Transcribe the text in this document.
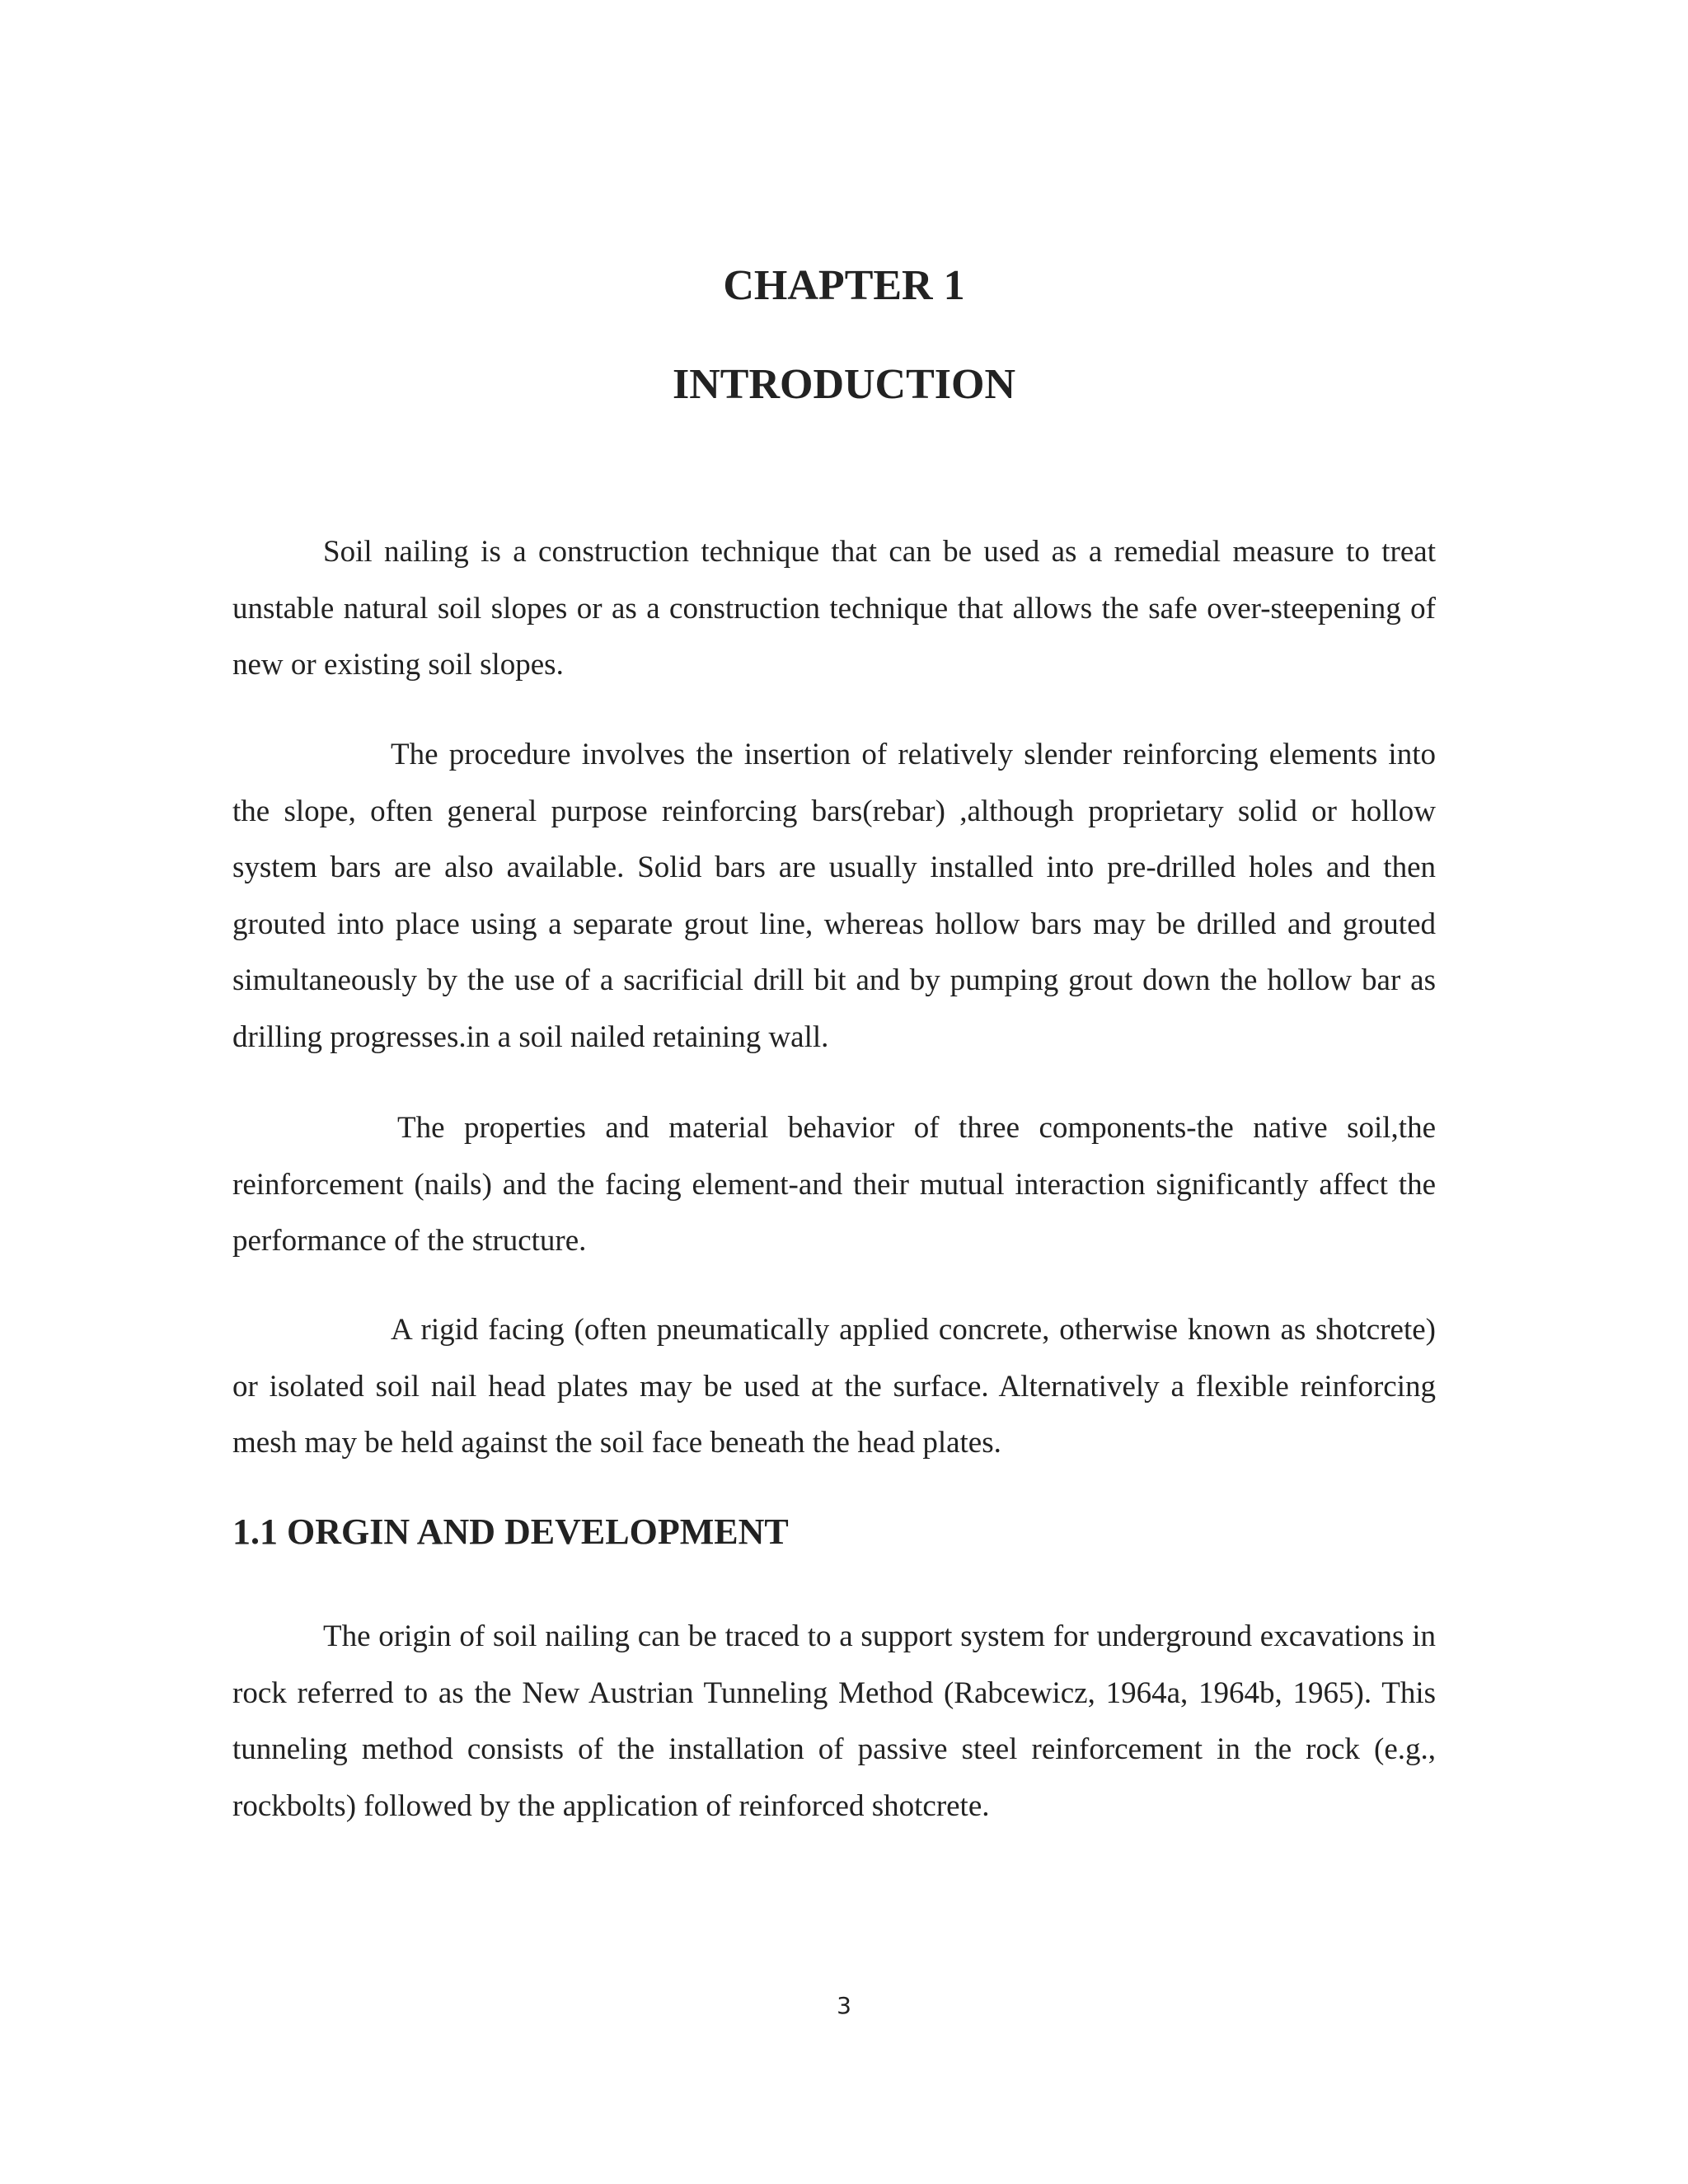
CHAPTER 1
INTRODUCTION

Soil nailing is a construction technique that can be used as a remedial measure to treat unstable natural soil slopes or as a construction technique that allows the safe over-steepening of new or existing soil slopes.

The procedure involves the insertion of relatively slender reinforcing elements into the slope, often general purpose reinforcing bars(rebar) ,although proprietary solid or hollow system bars are also available. Solid bars are usually installed into pre-drilled holes and then grouted into place using a separate grout line, whereas hollow bars may be drilled and grouted simultaneously by the use of a sacrificial drill bit and by pumping grout down the hollow bar as drilling progresses.in a soil nailed retaining wall.

The properties and material behavior of three components-the native soil,the reinforcement (nails) and the facing element-and their mutual interaction significantly affect the performance of the structure.

A rigid facing (often pneumatically applied concrete, otherwise known as shotcrete) or isolated soil nail head plates may be used at the surface. Alternatively a flexible reinforcing mesh may be held against the soil face beneath the head plates.

1.1 ORGIN AND DEVELOPMENT

The origin of soil nailing can be traced to a support system for underground excavations in rock referred to as the New Austrian Tunneling Method (Rabcewicz, 1964a, 1964b, 1965). This tunneling method consists of the installation of passive steel reinforcement in the rock (e.g., rockbolts) followed by the application of reinforced shotcrete.

3
